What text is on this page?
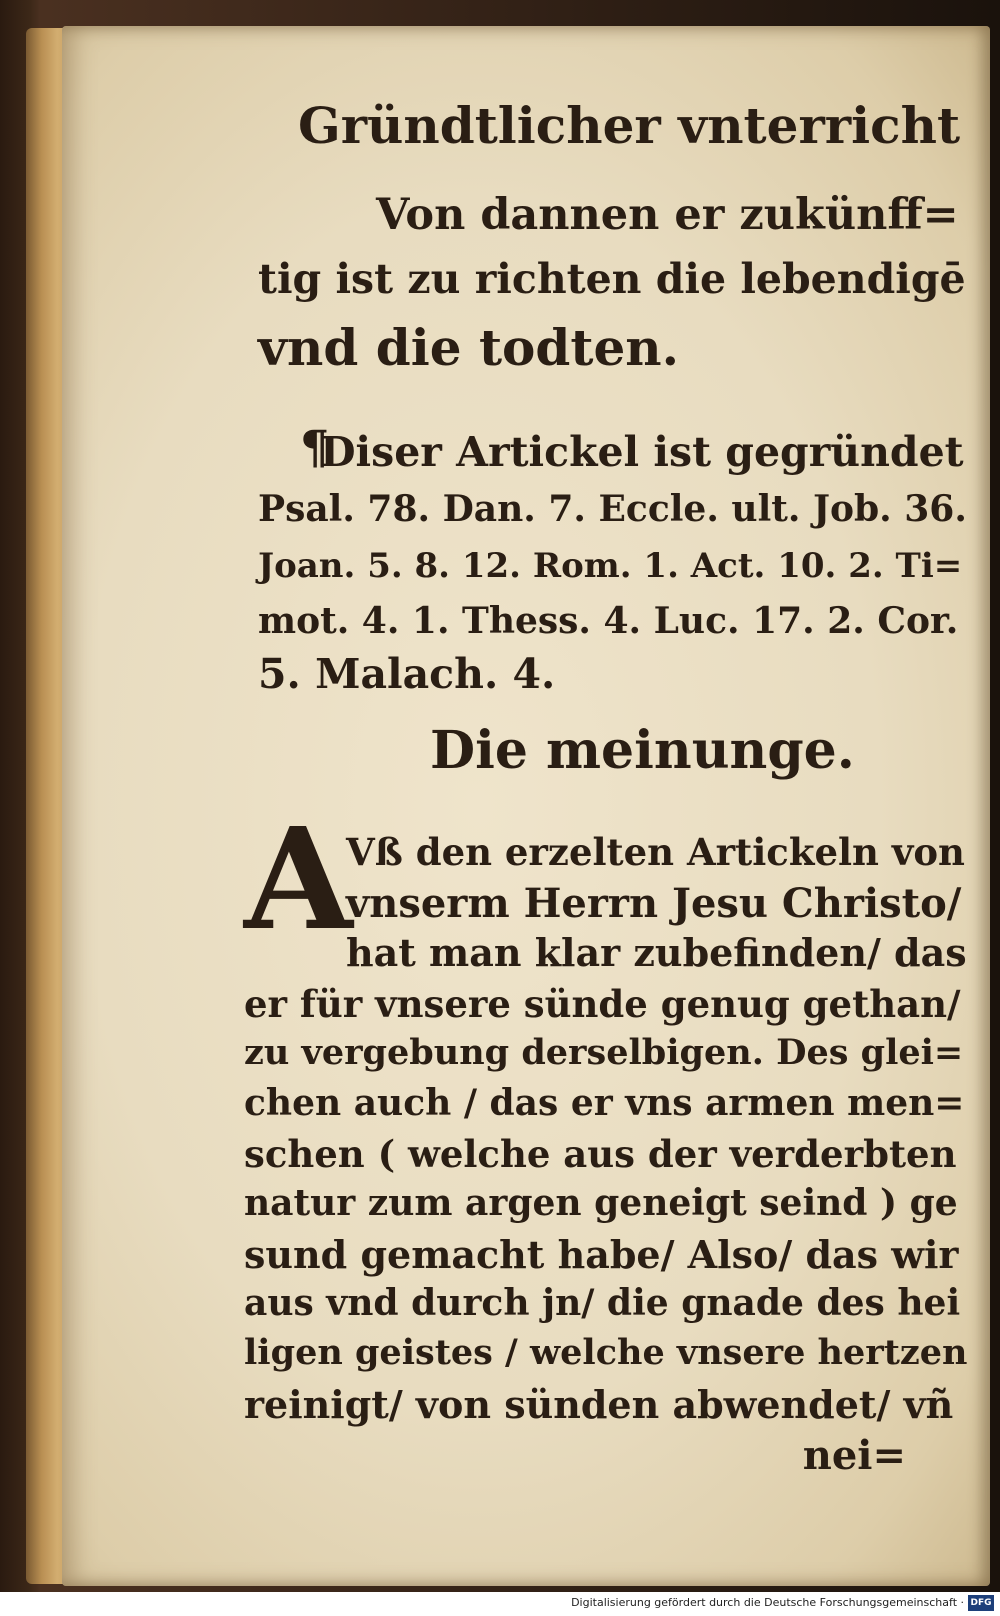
Gründtlicher vnterricht
Von dannen er zukünff=
tig ist zu richten die lebendigē
vnd die todten.
¶
Diser Artickel ist gegründet
Psal. 78. Dan. 7. Eccle. ult. Job. 36.
Joan. 5. 8. 12. Rom. 1. Act. 10. 2. Ti=
mot. 4. 1. Thess. 4. Luc. 17. 2. Cor.
5. Malach. 4.
Die meinunge.
A
Vß den erzelten Artickeln von
vnserm Herrn Jesu Christo/
hat man klar zubefinden/ das
er für vnsere sünde genug gethan/
zu vergebung derselbigen. Des glei=
chen auch / das er vns armen men=
schen ( welche aus der verderbten
natur zum argen geneigt seind ) ge
sund gemacht habe/ Also/ das wir
aus vnd durch jn/ die gnade des hei
ligen geistes / welche vnsere hertzen
reinigt/ von sünden abwendet/ vñ
nei=
Digitalisierung gefördert durch die Deutsche Forschungsgemeinschaft · DFG
